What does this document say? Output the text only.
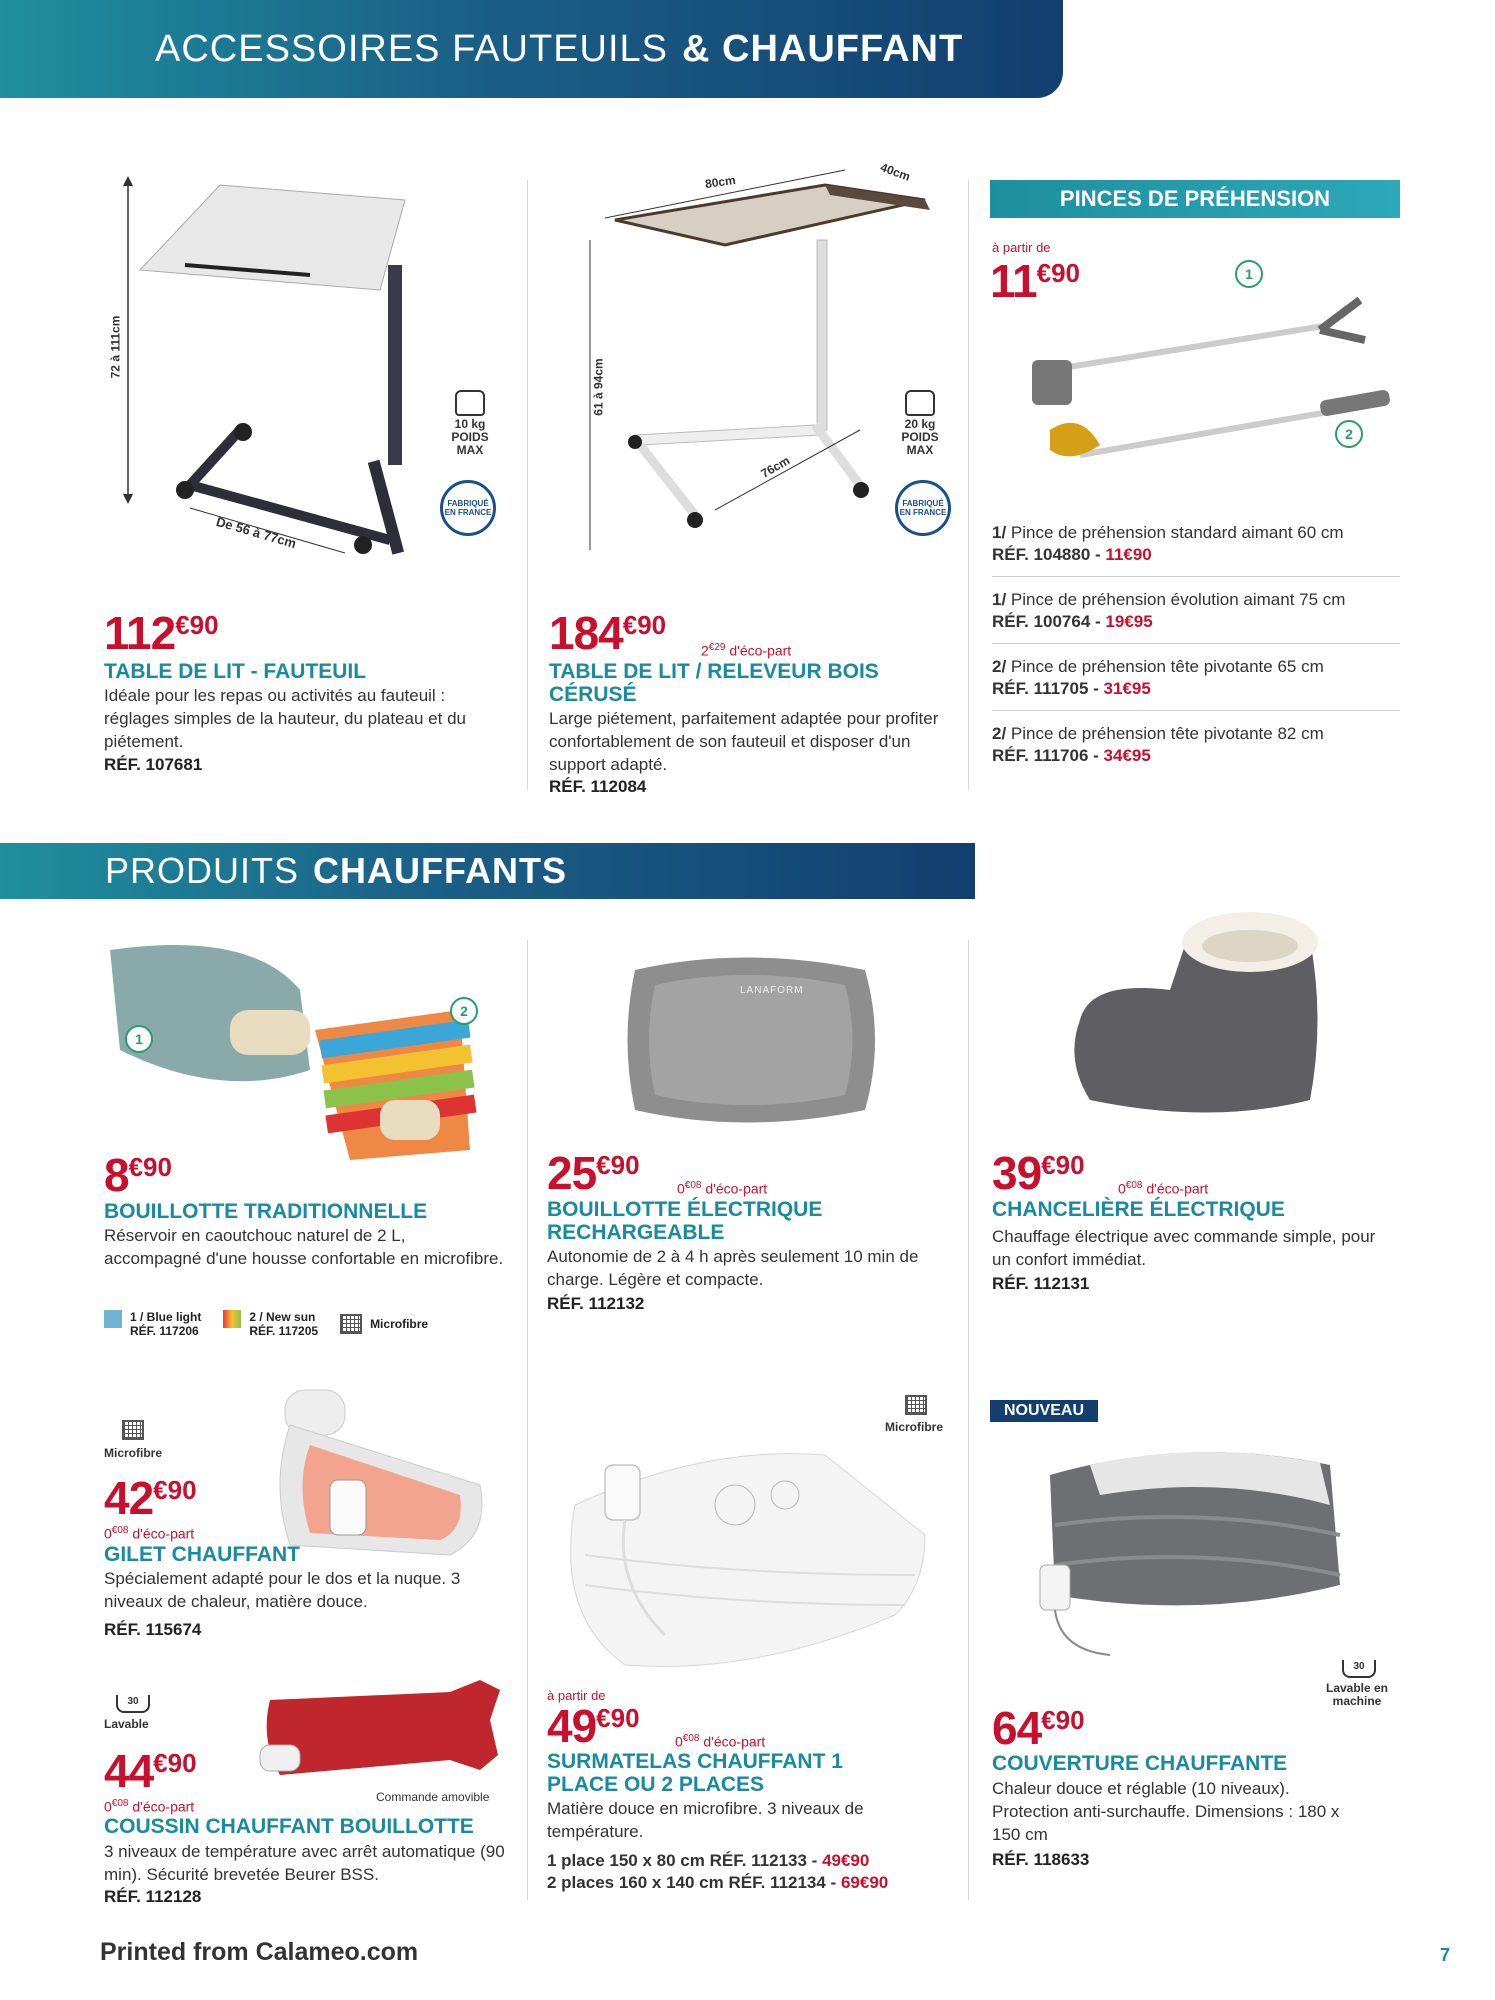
ACCESSOIRES FAUTEUILS & CHAUFFANT
72 à 111cm
De 56 à 77cm
10 kg
POIDS MAX
FABRIQUÉ EN FRANCE
$112^{€90}$
TABLE DE LIT - FAUTEUIL
Idéale pour les repas ou activités au fauteuil : réglages simples de la hauteur, du plateau et du piétement.
RÉF. 107681
80cm	40cm
61 à 94cm
76cm
20 kg
POIDS MAX
FABRIQUÉ EN FRANCE
$184^{€90}$
$2^{€29}$ d'éco-part
TABLE DE LIT / RELEVEUR BOIS CÉRUSÉ
Large piétement, parfaitement adaptée pour profiter confortablement de son fauteuil et disposer d'un support adapté.
RÉF. 112084
PINCES DE PRÉHENSION
à partir de
$11^{€90}$	1
2
1/ Pince de préhension standard aimant 60 cm
RÉF. 104880 - 11€90
1/ Pince de préhension évolution aimant 75 cm
RÉF. 100764 - 19€95
2/ Pince de préhension tête pivotante 65 cm
RÉF. 111705 - 31€95
2/ Pince de préhension tête pivotante 82 cm
RÉF. 111706 - 34€95
PRODUITS CHAUFFANTS
1
2
$8^{€90}$
BOUILLOTTE TRADITIONNELLE
Réservoir en caoutchouc naturel de 2 L, accompagné d'une housse confortable en microfibre.
1 / Blue light
RÉF. 117206
2 / New sun
RÉF. 117205	Microfibre
LANAFORM
$25^{€90}$
$0^{€08}$ d'éco-part
BOUILLOTTE ÉLECTRIQUE RECHARGEABLE
Autonomie de 2 à 4 h après seulement 10 min de charge. Légère et compacte.
RÉF. 112132
$39^{€90}$
$0^{€08}$ d'éco-part
CHANCELIÈRE ÉLECTRIQUE
Chauffage électrique avec commande simple, pour un confort immédiat.
RÉF. 112131
Microfibre
$42^{€90}$
$0^{€08}$ d'éco-part
GILET CHAUFFANT
Spécialement adapté pour le dos et la nuque. 3 niveaux de chaleur, matière douce.
RÉF. 115674
30
Lavable
Commande amovible
$44^{€90}$
$0^{€08}$ d'éco-part
COUSSIN CHAUFFANT BOUILLOTTE
3 niveaux de température avec arrêt automatique (90 min). Sécurité brevetée Beurer BSS.
RÉF. 112128
Microfibre
à partir de
$49^{€90}$
$0^{€08}$ d'éco-part
SURMATELAS CHAUFFANT 1 PLACE OU 2 PLACES
Matière douce en microfibre. 3 niveaux de température.
1 place 150 x 80 cm RÉF. 112133 - 49€90
2 places 160 x 140 cm RÉF. 112134 - 69€90
NOUVEAU
30
Lavable en machine
$64^{€90}$
COUVERTURE CHAUFFANTE
Chaleur douce et réglable (10 niveaux). Protection anti-surchauffe. Dimensions : 180 x 150 cm
RÉF. 118633
Printed from Calameo.com	7
